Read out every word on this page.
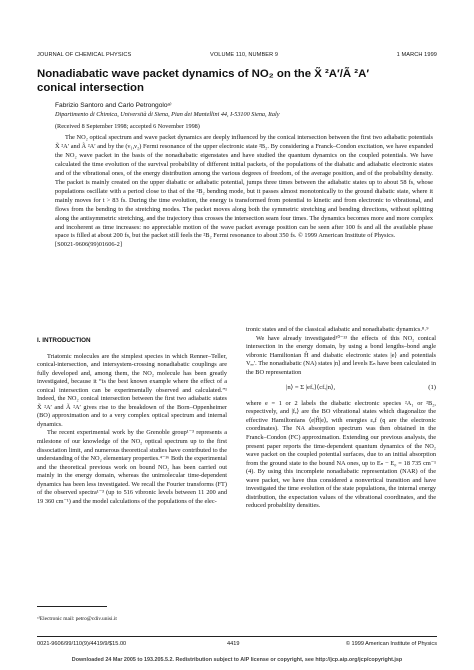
JOURNAL OF CHEMICAL PHYSICS	VOLUME 110, NUMBER 9	1 MARCH 1999
Nonadiabatic wave packet dynamics of NO₂ on the X̃ ²A′/Ã ²A′
conical intersection
Fabrizio Santoro and Carlo Petrongoloᵃ⁾
Dipartimento di Chimica, Università di Siena, Pian dei Mantellini 44, I-53100 Siena, Italy
(Received 8 September 1998; accepted 6 November 1998)

The NO₂ optical spectrum and wave packet dynamics are deeply influenced by the conical intersection between the first two adiabatic potentials X̃ ²A′ and Ã ²A′ and by the (ν₁,ν₂) Fermi resonance of the upper electronic state ²B₂. By considering a Franck–Condon excitation, we have expanded the NO₂ wave packet in the basis of the nonadiabatic eigenstates and have studied the quantum dynamics on the coupled potentials. We have calculated the time evolution of the survival probability of different initial packets, of the populations of the diabatic and adiabatic electronic states and of the vibrational ones, of the energy distribution among the various degrees of freedom, of the average position, and of the probability density. The packet is mainly created on the upper diabatic or adiabatic potential, jumps three times between the adiabatic states up to about 58 fs, whose populations oscillate with a period close to that of the ²B₂ bending mode, but it passes almost monotonically to the ground diabatic state, where it mainly moves for t > 83 fs. During the time evolution, the energy is transformed from potential to kinetic and from electronic to vibrational, and flows from the bending to the stretching modes. The packet moves along both the symmetric stretching and bending directions, without splitting along the antisymmetric stretching, and the trajectory thus crosses the intersection seam four times. The dynamics becomes more and more complex and incoherent as time increases: no appreciable motion of the wave packet average position can be seen after 100 fs and all the available phase space is filled at about 200 fs, but the packet still feels the ²B₂ Fermi resonance to about 350 fs. © 1999 American Institute of Physics.

[S0021-9606(99)01606-2]

I. INTRODUCTION

Triatomic molecules are the simplest species in which Renner–Teller, conical-intersection, and intersystem-crossing nonadiabatic couplings are fully developed and, among them, the NO₂ molecule has been greatly investigated, because it “is the best known example where the effect of a conical intersection can be experimentally observed and calculated.”¹ Indeed, the NO₂ conical intersection between the first two adiabatic states X̃ ²A′ and Ã ²A′ gives rise to the breakdown of the Born–Oppenheimer (BO) approximation and to a very complex optical spectrum and internal dynamics.

The recent experimental work by the Grenoble group¹⁻³ represents a milestone of our knowledge of the NO₂ optical spectrum up to the first dissociation limit, and numerous theoretical studies have contributed to the understanding of the NO₂ elementary properties.⁴⁻¹⁶ Both the experimental and the theoretical previous work on bound NO₂ has been carried out mainly in the energy domain, whereas the unimolecular time-dependent dynamics has been less investigated. We recall the Fourier transforms (FT) of the observed spectra¹⁻³ (up to 516 vibronic levels between 11 200 and 19 360 cm⁻¹) and the model calculations of the populations of the elec-

ᵃ⁾Electronic mail: petro@cdiv.unisi.it

tronic states and of the classical adiabatic and nonadiabatic dynamics.⁸˒⁹

We have already investigated¹⁰⁻¹³ the effects of this NO₂ conical intersection in the energy domain, by using a bond lengths–bond angle vibronic Hamiltonian Ĥ and diabatic electronic states |e⟩ and potentials Vₑₑ′. The nonadiabatic (NA) states |n⟩ and levels Eₙ have been calculated in the BO representation

|n⟩ = Σ |efᵥ⟩⟨cfᵥ|n⟩,	(1)

where e = 1 or 2 labels the diabatic electronic species ²A₁ or ²B₂, respectively, and |fₑ⟩ are the BO vibrational states which diagonalize the effective Hamiltonians ⟨e|Ĥ|e⟩ₑ with energies εₑf (q are the electronic coordinates). The NA absorption spectrum was then obtained in the Franck–Condon (FC) approximation. Extending our previous analysis, the present paper reports the time-dependent quantum dynamics of the NO₂ wave packet on the coupled potential surfaces, due to an initial absorption from the ground state to the bound NA ones, up to Eₙ − E₀ = 18 735 cm⁻¹ (4). By using this incomplete nonadiabatic representation (NAR) of the wave packet, we have thus considered a nonvertical transition and have investigated the time evolution of the state populations, the internal energy distribution, the expectation values of the vibrational coordinates, and the reduced probability densities.

0021-9606/99/110(9)/4419/9/$15.00	4419	© 1999 American Institute of Physics
Downloaded 24 Mar 2005 to 193.205.5.2. Redistribution subject to AIP license or copyright, see http://jcp.aip.org/jcp/copyright.jsp
